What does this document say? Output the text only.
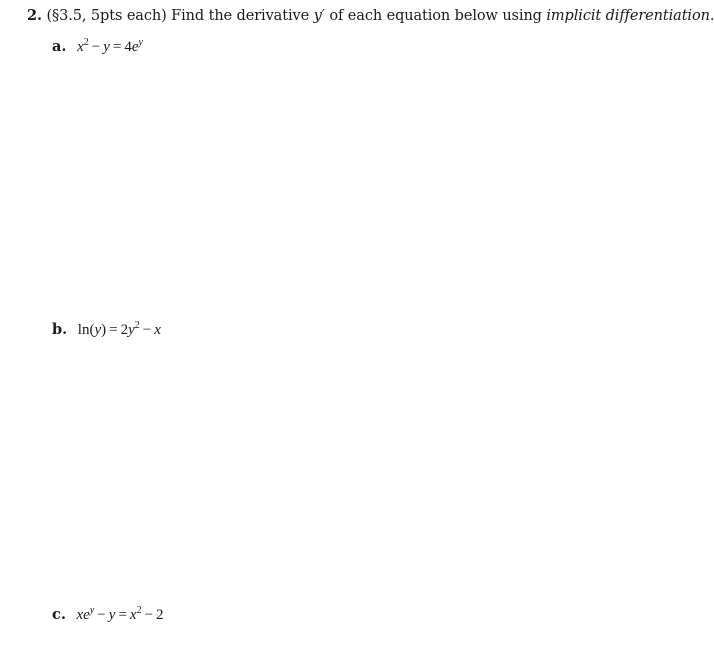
2. (§3.5, 5pts each) Find the derivative y′ of each equation below using implicit differentiation.
a. $x^2 - y = 4e^y$
b. $\ln(y) = 2y^2 - x$
c. $xe^y - y = x^2 - 2$
